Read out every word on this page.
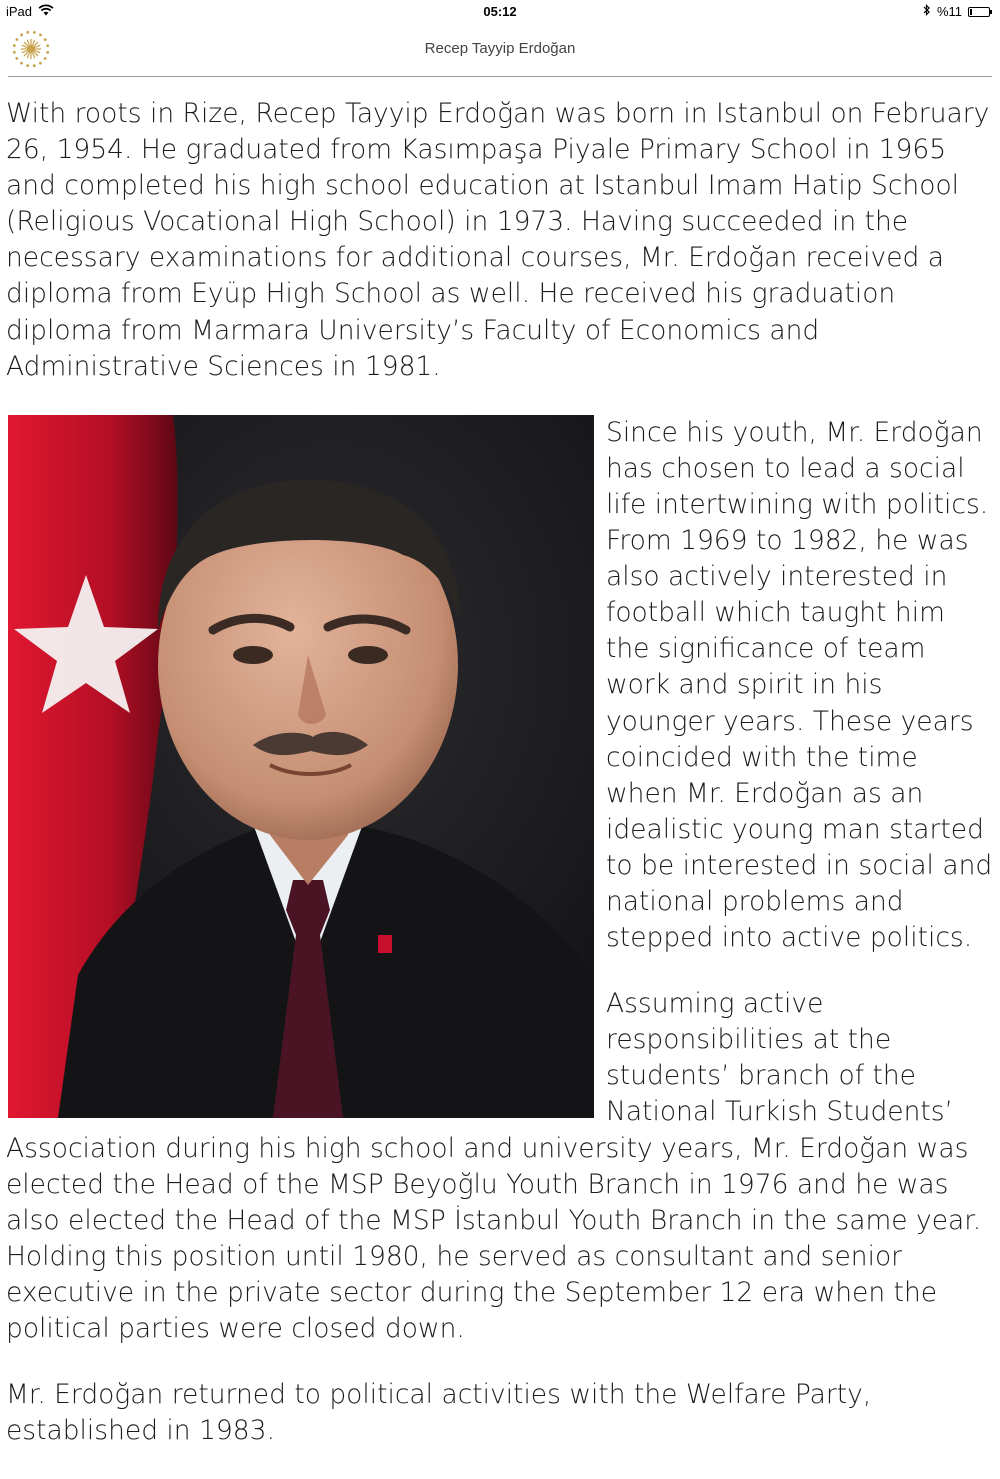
iPad	05:12	%11
Recep Tayyip Erdoğan

With roots in Rize, Recep Tayyip Erdoğan was born in Istanbul on February 26, 1954. He graduated from Kasımpaşa Piyale Primary School in 1965 and completed his high school education at Istanbul Imam Hatip School (Religious Vocational High School) in 1973. Having succeeded in the necessary examinations for additional courses, Mr. Erdoğan received a diploma from Eyüp High School as well. He received his graduation diploma from Marmara University’s Faculty of Economics and Administrative Sciences in 1981.

Since his youth, Mr. Erdoğan has chosen to lead a social life intertwining with politics. From 1969 to 1982, he was also actively interested in football which taught him the significance of team work and spirit in his younger years. These years coincided with the time when Mr. Erdoğan as an idealistic young man started to be interested in social and national problems and stepped into active politics.

Assuming active responsibilities at the students’ branch of the National Turkish Students’ Association during his high school and university years, Mr. Erdoğan was elected the Head of the MSP Beyoğlu Youth Branch in 1976 and he was also elected the Head of the MSP İstanbul Youth Branch in the same year. Holding this position until 1980, he served as consultant and senior executive in the private sector during the September 12 era when the political parties were closed down.

Mr. Erdoğan returned to political activities with the Welfare Party, established in 1983.
